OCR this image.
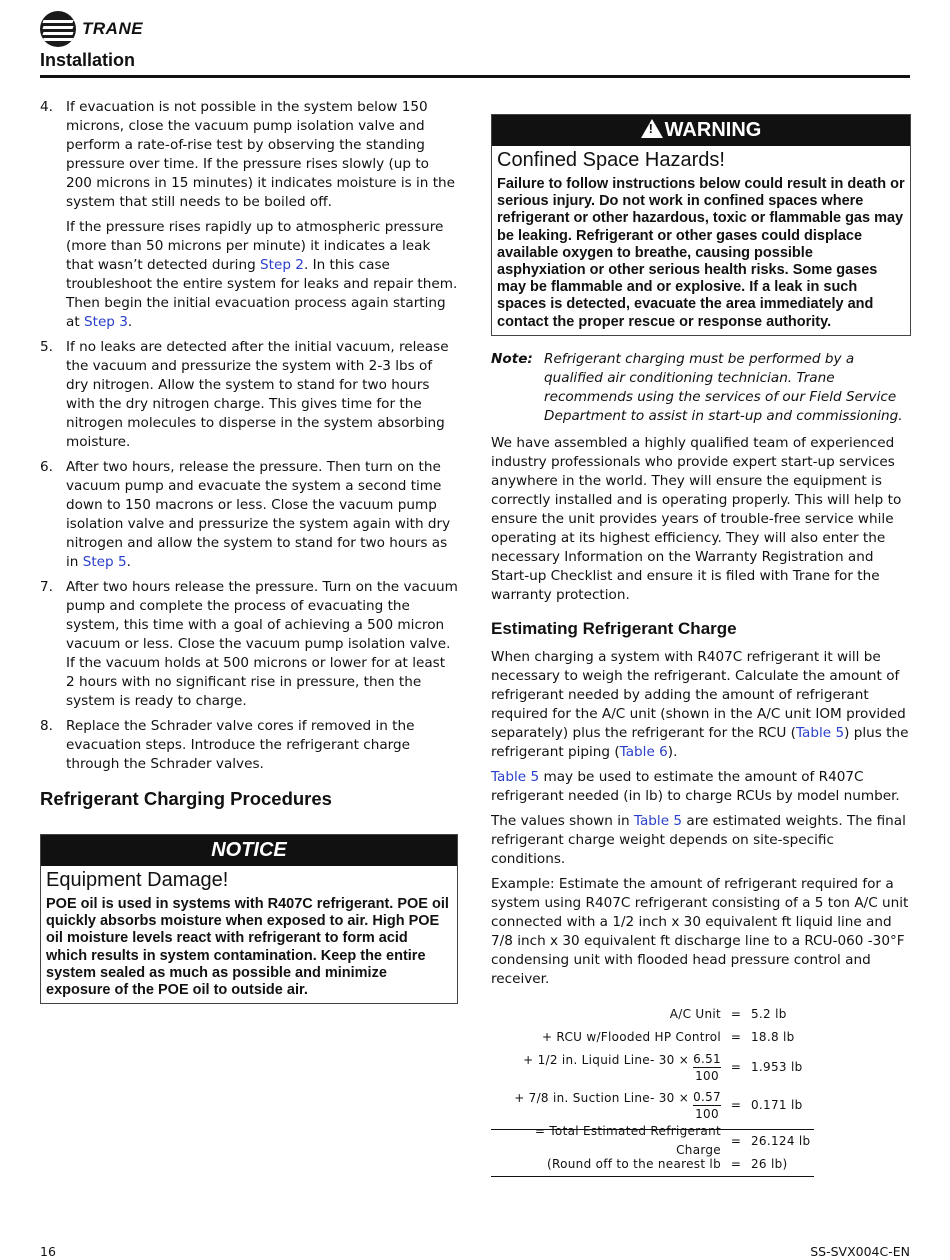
TRANE
Installation
4. If evacuation is not possible in the system below 150 microns, close the vacuum pump isolation valve and perform a rate-of-rise test by observing the standing pressure over time. If the pressure rises slowly (up to 200 microns in 15 minutes) it indicates moisture is in the system that still needs to be boiled off.

If the pressure rises rapidly up to atmospheric pressure (more than 50 microns per minute) it indicates a leak that wasn’t detected during Step 2. In this case troubleshoot the entire system for leaks and repair them. Then begin the initial evacuation process again starting at Step 3.

5. If no leaks are detected after the initial vacuum, release the vacuum and pressurize the system with 2-3 lbs of dry nitrogen. Allow the system to stand for two hours with the dry nitrogen charge. This gives time for the nitrogen molecules to disperse in the system absorbing moisture.

6. After two hours, release the pressure. Then turn on the vacuum pump and evacuate the system a second time down to 150 macrons or less. Close the vacuum pump isolation valve and pressurize the system again with dry nitrogen and allow the system to stand for two hours as in Step 5.

7. After two hours release the pressure. Turn on the vacuum pump and complete the process of evacuating the system, this time with a goal of achieving a 500 micron vacuum or less. Close the vacuum pump isolation valve. If the vacuum holds at 500 microns or lower for at least 2 hours with no significant rise in pressure, then the system is ready to charge.

8. Replace the Schrader valve cores if removed in the evacuation steps. Introduce the refrigerant charge through the Schrader valves.

Refrigerant Charging Procedures
NOTICE
Equipment Damage!
POE oil is used in systems with R407C refrigerant. POE oil quickly absorbs moisture when exposed to air. High POE oil moisture levels react with refrigerant to form acid which results in system contamination. Keep the entire system sealed as much as possible and minimize exposure of the POE oil to outside air.
! WARNING
Confined Space Hazards!
Failure to follow instructions below could result in death or serious injury. Do not work in confined spaces where refrigerant or other hazardous, toxic or flammable gas may be leaking. Refrigerant or other gases could displace available oxygen to breathe, causing possible asphyxiation or other serious health risks. Some gases may be flammable and or explosive. If a leak in such spaces is detected, evacuate the area immediately and contact the proper rescue or response authority.
Note: Refrigerant charging must be performed by a qualified air conditioning technician. Trane recommends using the services of our Field Service Department to assist in start-up and commissioning.

We have assembled a highly qualified team of experienced industry professionals who provide expert start-up services anywhere in the world. They will ensure the equipment is correctly installed and is operating properly. This will help to ensure the unit provides years of trouble-free service while operating at its highest efficiency. They will also enter the necessary Information on the Warranty Registration and Start-up Checklist and ensure it is filed with Trane for the warranty protection.

Estimating Refrigerant Charge

When charging a system with R407C refrigerant it will be necessary to weigh the refrigerant. Calculate the amount of refrigerant needed by adding the amount of refrigerant required for the A/C unit (shown in the A/C unit IOM provided separately) plus the refrigerant for the RCU (Table 5) plus the refrigerant piping (Table 6).

Table 5 may be used to estimate the amount of R407C refrigerant needed (in lb) to charge RCUs by model number.

The values shown in Table 5 are estimated weights. The final refrigerant charge weight depends on site-specific conditions.

Example: Estimate the amount of refrigerant required for a system using R407C refrigerant consisting of a 5 ton A/C unit connected with a 1/2 inch x 30 equivalent ft liquid line and 7/8 inch x 30 equivalent ft discharge line to a RCU-060 -30°F condensing unit with flooded head pressure control and receiver.

A/C Unit = 5.2 lb
+ RCU w/Flooded HP Control = 18.8 lb
+ 1/2 in. Liquid Line- $30 \times \frac{6.51}{100} = 1.953$ lb
+ 7/8 in. Suction Line- $30 \times \frac{0.57}{100} = 0.171$ lb
= Total Estimated Refrigerant Charge
= 26.124 lb
(Round off to the nearest lb = 26 lb)
16	SS-SVX004C-EN
